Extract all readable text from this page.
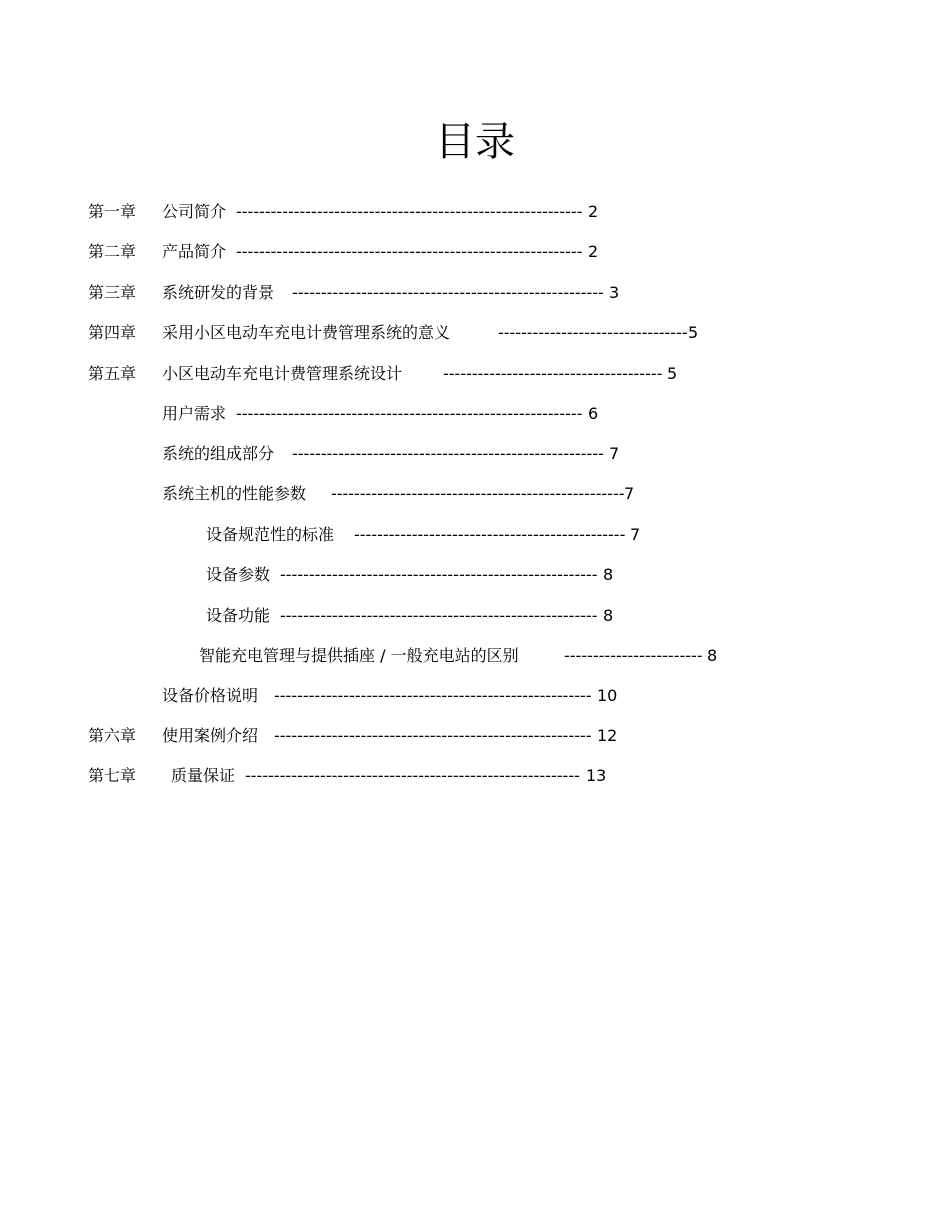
目录
第一章 公司简介 ------------------------------------------------------------ 2
第二章 产品简介 ------------------------------------------------------------ 2
第三章 系统研发的背景 ------------------------------------------------------ 3
第四章 采用小区电动车充电计费管理系统的意义	--------------------------------- 5
第五章 小区电动车充电计费管理系统设计	-------------------------------------- 5
用户需求 ------------------------------------------------------------ 6
系统的组成部分 ------------------------------------------------------ 7
系统主机的性能参数 --------------------------------------------------- 7
设备规范性的标准 ----------------------------------------------- 7
设备参数 ------------------------------------------------------- 8
设备功能 ------------------------------------------------------- 8
智能充电管理与提供插座 / 一般充电站的区别	------------------------ 8
设备价格说明 ------------------------------------------------------- 10
第六章 使用案例介绍 ------------------------------------------------------- 12
第七章 质量保证 ---------------------------------------------------------- 13
